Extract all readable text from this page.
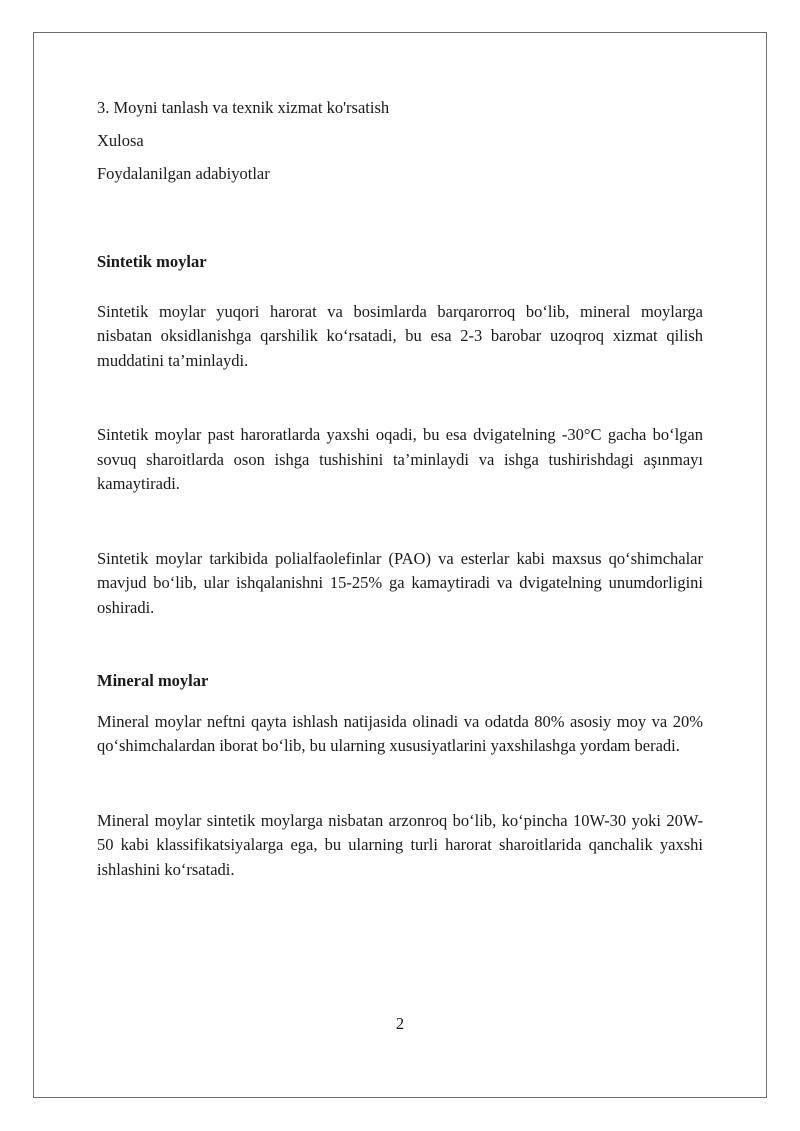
3. Moyni tanlash va texnik xizmat ko'rsatish

Xulosa

Foydalanilgan adabiyotlar

Sintetik moylar

Sintetik moylar yuqori harorat va bosimlarda barqarorroq bo‘lib, mineral moylarga nisbatan oksidlanishga qarshilik ko‘rsatadi, bu esa 2-3 barobar uzoqroq xizmat qilish muddatini ta’minlaydi.

Sintetik moylar past haroratlarda yaxshi oqadi, bu esa dvigatelning -30°C gacha bo‘lgan sovuq sharoitlarda oson ishga tushishini ta’minlaydi va ishga tushirishdagi aşınmayı kamaytiradi.

Sintetik moylar tarkibida polialfaolefinlar (PAO) va esterlar kabi maxsus qo‘shimchalar mavjud bo‘lib, ular ishqalanishni 15-25% ga kamaytiradi va dvigatelning unumdorligini oshiradi.

Mineral moylar

Mineral moylar neftni qayta ishlash natijasida olinadi va odatda 80% asosiy moy va 20% qo‘shimchalardan iborat bo‘lib, bu ularning xususiyatlarini yaxshilashga yordam beradi.

Mineral moylar sintetik moylarga nisbatan arzonroq bo‘lib, ko‘pincha 10W-30 yoki 20W-50 kabi klassifikatsiyalarga ega, bu ularning turli harorat sharoitlarida qanchalik yaxshi ishlashini ko‘rsatadi.

2
